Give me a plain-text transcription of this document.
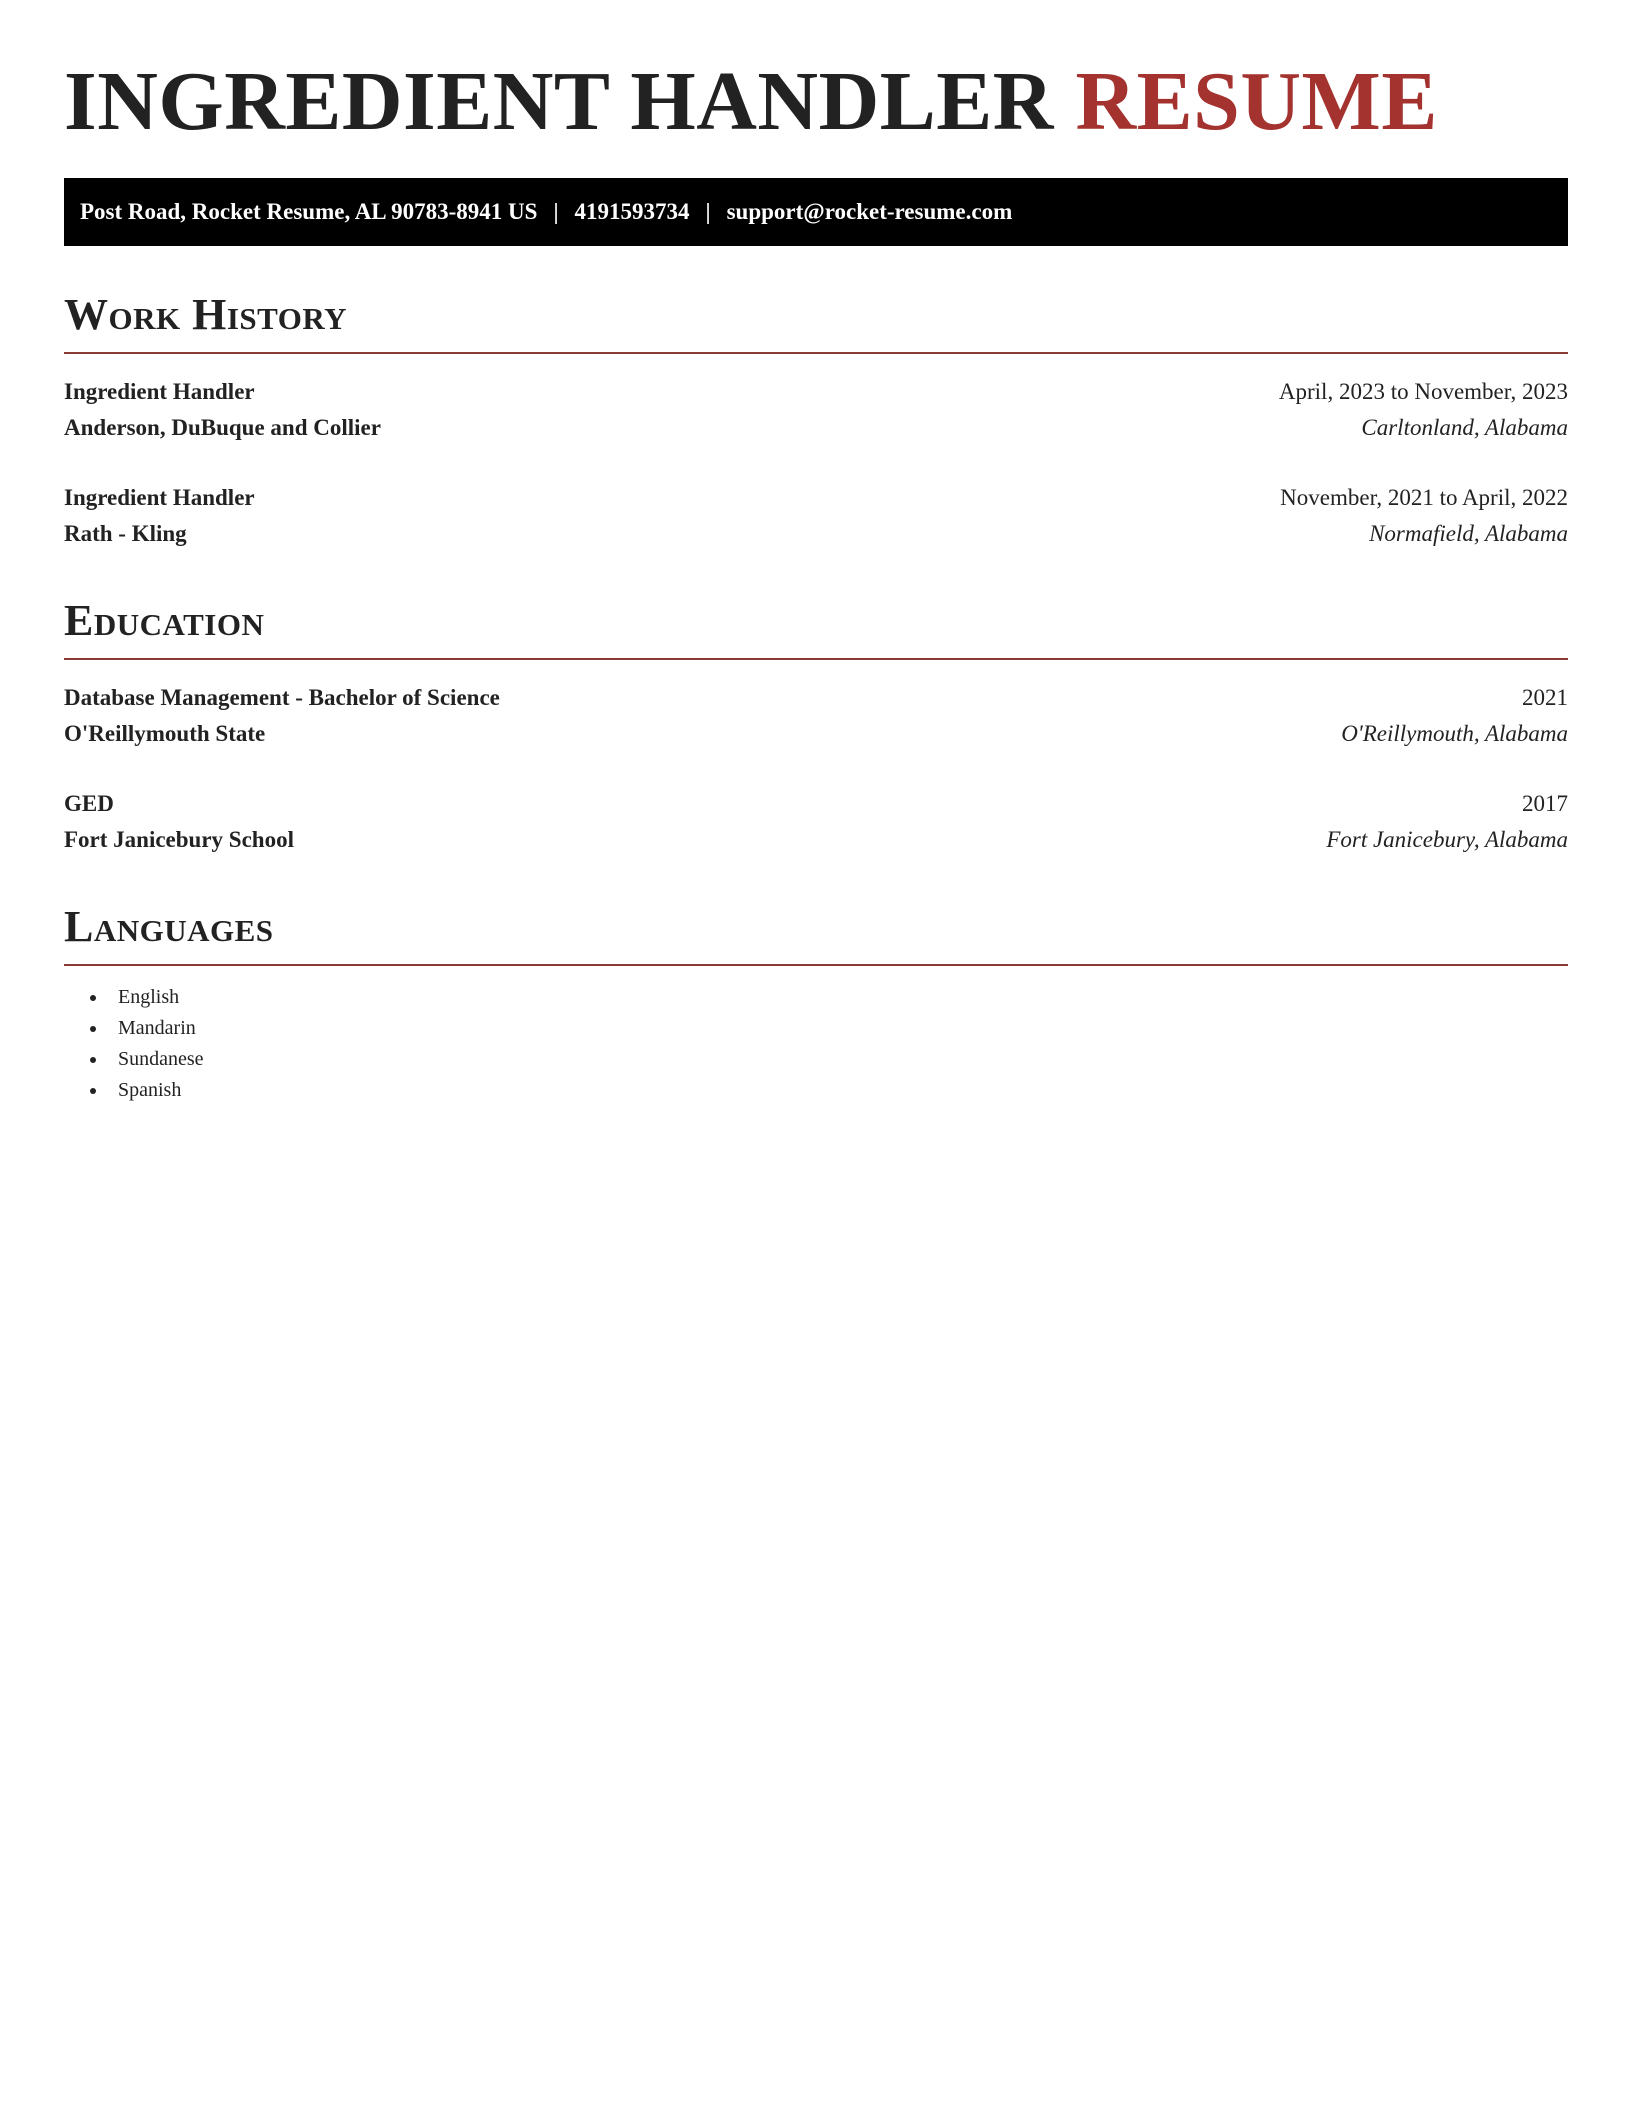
INGREDIENT HANDLER RESUME
Post Road, Rocket Resume, AL 90783-8941 US | 4191593734 | support@rocket-resume.com
Work History
Ingredient Handler	April, 2023 to November, 2023
Anderson, DuBuque and Collier	Carltonland, Alabama
Ingredient Handler	November, 2021 to April, 2022
Rath - Kling	Normafield, Alabama
Education
Database Management - Bachelor of Science	2021
O'Reillymouth State	O'Reillymouth, Alabama
GED	2017
Fort Janicebury School	Fort Janicebury, Alabama
Languages
• English
• Mandarin
• Sundanese
• Spanish
